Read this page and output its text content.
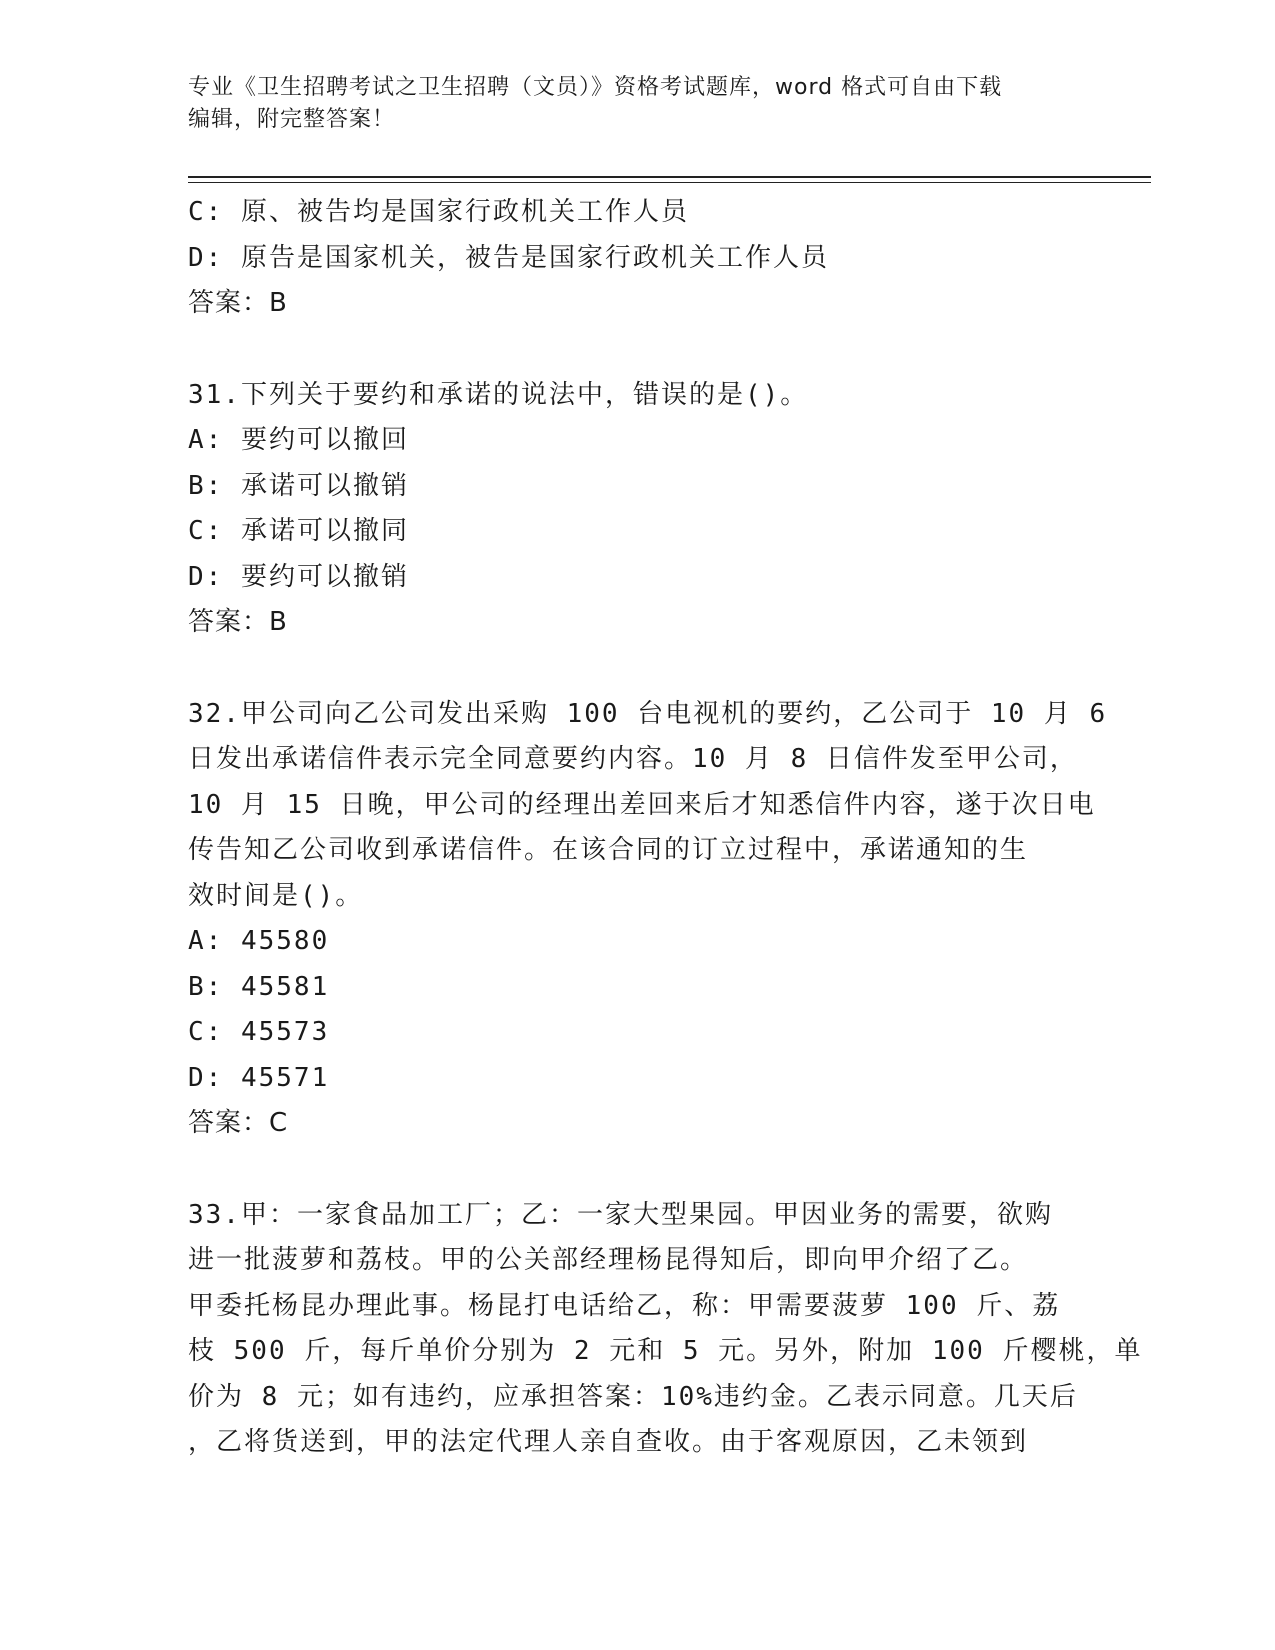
专业《卫生招聘考试之卫生招聘（文员）》资格考试题库，word 格式可自由下载
编辑，附完整答案！
C: 原、被告均是国家行政机关工作人员
D: 原告是国家机关，被告是国家行政机关工作人员
答案：B
31.下列关于要约和承诺的说法中，错误的是()。
A: 要约可以撤回
B: 承诺可以撤销
C: 承诺可以撤同
D: 要约可以撤销
答案：B
32.甲公司向乙公司发出采购 100 台电视机的要约，乙公司于 10 月 6
日发出承诺信件表示完全同意要约内容。10 月 8 日信件发至甲公司，
10 月 15 日晚，甲公司的经理出差回来后才知悉信件内容，遂于次日电
传告知乙公司收到承诺信件。在该合同的订立过程中，承诺通知的生
效时间是()。
A: 45580
B: 45581
C: 45573
D: 45571
答案：C
33.甲：一家食品加工厂；乙：一家大型果园。甲因业务的需要，欲购
进一批菠萝和荔枝。甲的公关部经理杨昆得知后，即向甲介绍了乙。
甲委托杨昆办理此事。杨昆打电话给乙，称：甲需要菠萝 100 斤、荔
枝 500 斤，每斤单价分别为 2 元和 5 元。另外，附加 100 斤樱桃，单
价为 8 元；如有违约，应承担答案：10%违约金。乙表示同意。几天后
，乙将货送到，甲的法定代理人亲自查收。由于客观原因，乙未领到
